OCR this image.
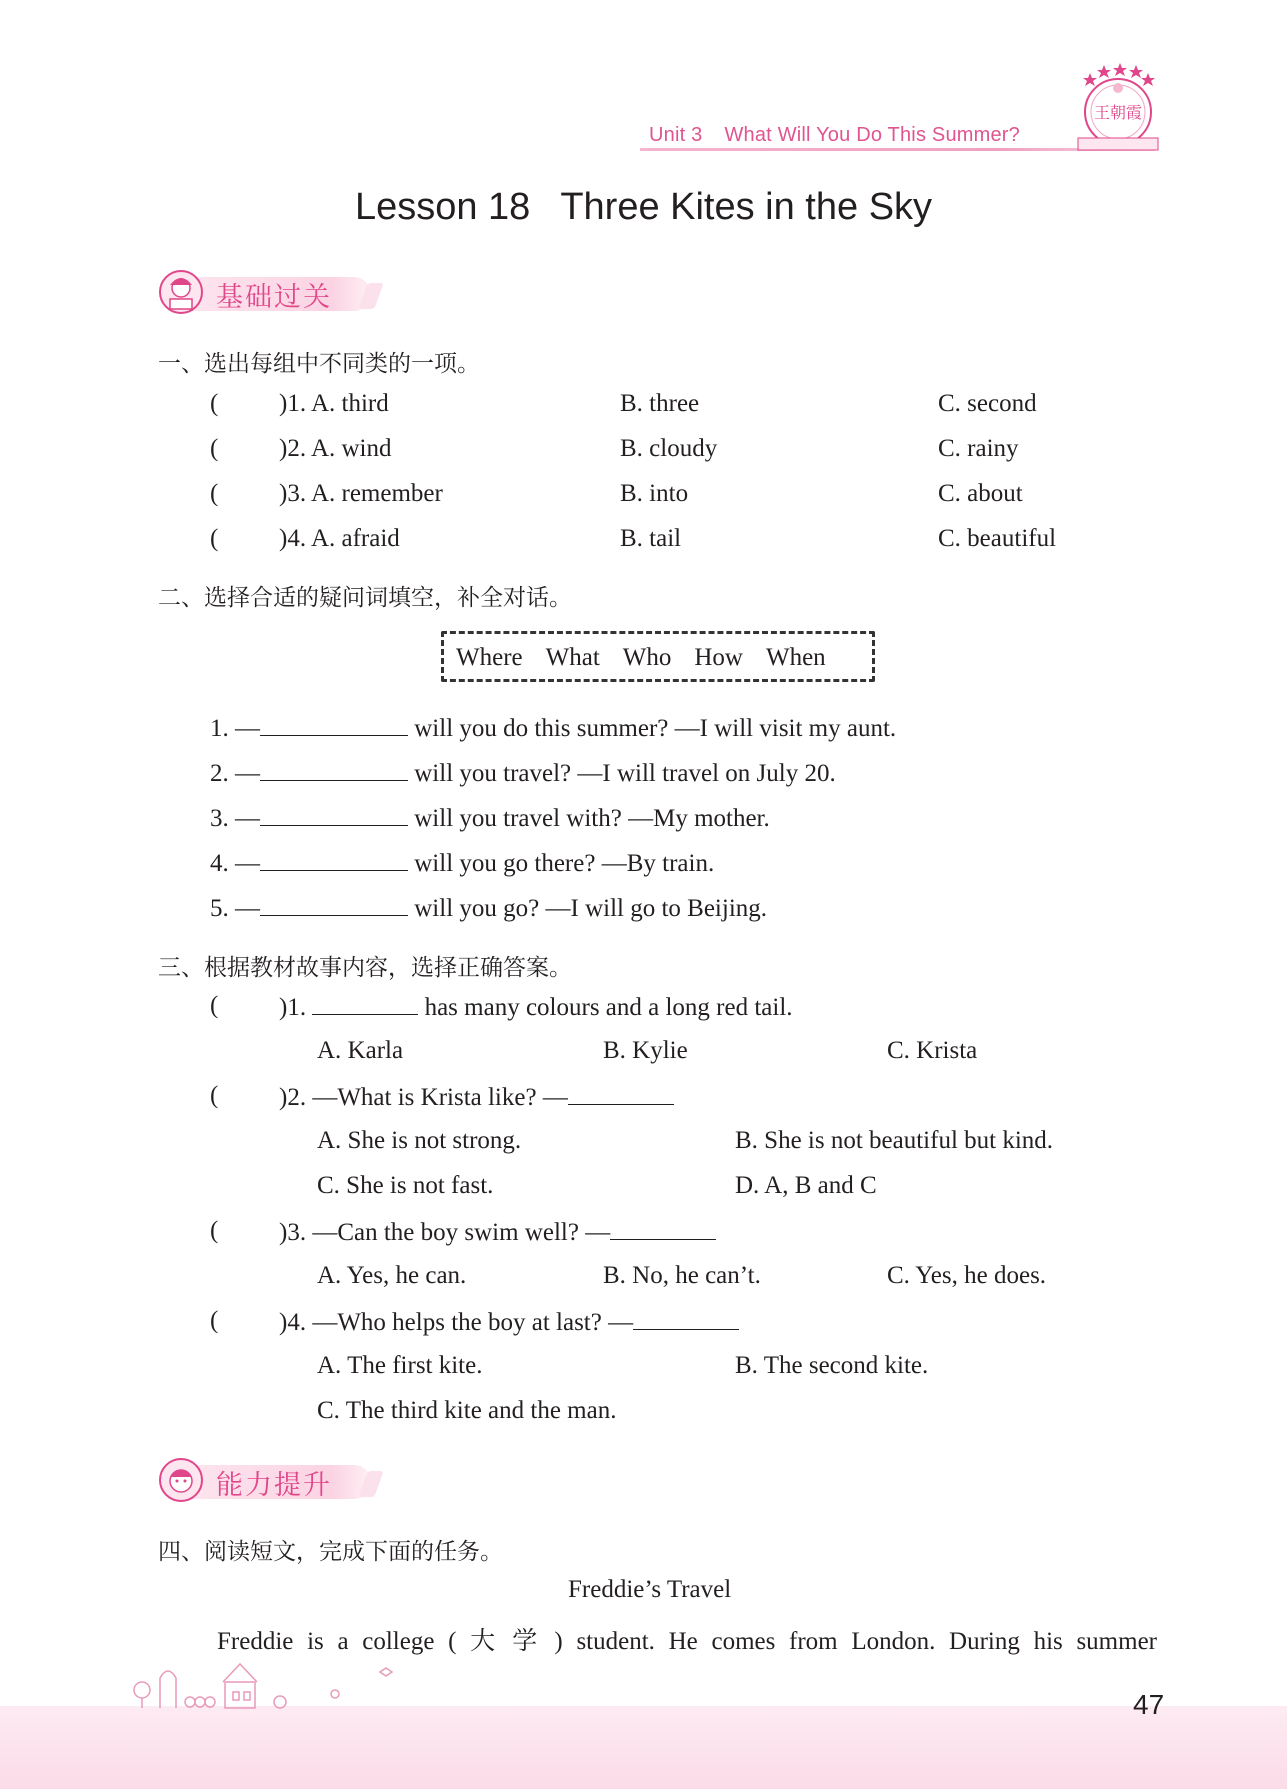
Unit 3 What Will You Do This Summer?
王朝霞
Lesson 18 Three Kites in the Sky
基础过关
一、选出每组中不同类的一项。
( )1. A. third	B. three	C. second
( )2. A. wind	B. cloudy	C. rainy
( )3. A. remember	B. into	C. about
( )4. A. afraid	B. tail	C. beautiful
二、选择合适的疑问词填空，补全对话。
Where What Who How When
1. —	will you do this summer? —I will visit my aunt.
2. —	will you travel? —I will travel on July 20.
3. —	will you travel with? —My mother.
4. —	will you go there? —By train.
5. —	will you go? —I will go to Beijing.
三、根据教材故事内容，选择正确答案。
( )1.	has many colours and a long red tail.
A. Karla	B. Kylie	C. Krista
( )2. —What is Krista like? —
A. She is not strong.	B. She is not beautiful but kind.
C. She is not fast.	D. A, B and C
( )3. —Can the boy swim well? —
A. Yes, he can.	B. No, he can’t.	C. Yes, he does.
( )4. —Who helps the boy at last? —
A. The first kite.	B. The second kite.
C. The third kite and the man.
能力提升
四、阅读短文，完成下面的任务。
Freddie’s Travel
Freddie is a college ( 大 学 ) student. He comes from London. During his summer
47
